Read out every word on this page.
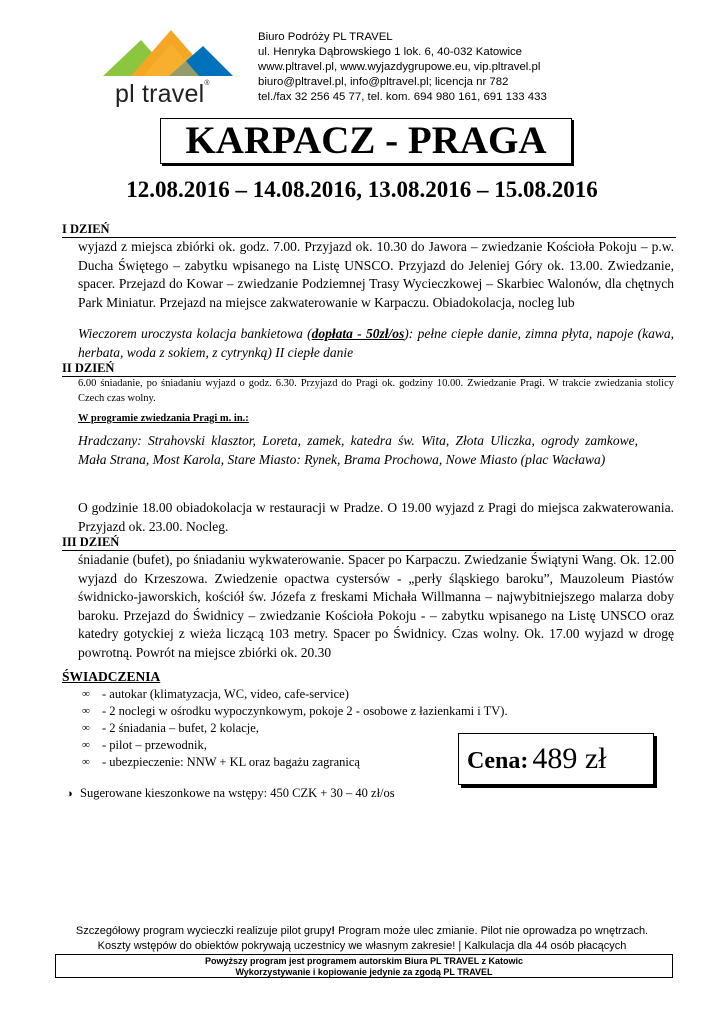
pl travel®
Biuro Podróży PL TRAVEL
ul. Henryka Dąbrowskiego 1 lok. 6, 40-032 Katowice
www.pltravel.pl, www.wyjazdygrupowe.eu, vip.pltravel.pl
biuro@pltravel.pl, info@pltravel.pl; licencja nr 782
tel./fax 32 256 45 77, tel. kom. 694 980 161, 691 133 433
KARPACZ - PRAGA
12.08.2016 – 14.08.2016, 13.08.2016 – 15.08.2016
I DZIEŃ
wyjazd z miejsca zbiórki ok. godz. 7.00. Przyjazd ok. 10.30 do Jawora – zwiedzanie Kościoła Pokoju – p.w. Ducha Świętego – zabytku wpisanego na Listę UNSCO. Przyjazd do Jeleniej Góry ok. 13.00. Zwiedzanie, spacer. Przejazd do Kowar – zwiedzanie Podziemnej Trasy Wycieczkowej – Skarbiec Walonów, dla chętnych Park Miniatur. Przejazd na miejsce zakwaterowanie w Karpaczu. Obiadokolacja, nocleg lub
Wieczorem uroczysta kolacja bankietowa (dopłata - 50zł/os): pełne ciepłe danie, zimna płyta, napoje (kawa, herbata, woda z sokiem, z cytrynką) II ciepłe danie
II DZIEŃ
6.00 śniadanie, po śniadaniu wyjazd o godz. 6.30. Przyjazd do Pragi ok. godziny 10.00. Zwiedzanie Pragi. W trakcie zwiedzania stolicy Czech czas wolny.
W programie zwiedzania Pragi m. in.:
Hradczany: Strahovski klasztor, Loreta, zamek, katedra św. Wita, Złota Uliczka, ogrody zamkowe, Mała Strana, Most Karola, Stare Miasto: Rynek, Brama Prochowa, Nowe Miasto (plac Wacława)
O godzinie 18.00 obiadokolacja w restauracji w Pradze. O 19.00 wyjazd z Pragi do miejsca zakwaterowania. Przyjazd ok. 23.00. Nocleg.
III DZIEŃ
śniadanie (bufet), po śniadaniu wykwaterowanie. Spacer po Karpaczu. Zwiedzanie Świątyni Wang. Ok. 12.00 wyjazd do Krzeszowa. Zwiedzenie opactwa cystersów - „perły śląskiego baroku”, Mauzoleum Piastów świdnicko-jaworskich, kościół św. Józefa z freskami Michała Willmanna – najwybitniejszego malarza doby baroku. Przejazd do Świdnicy – zwiedzanie Kościoła Pokoju - – zabytku wpisanego na Listę UNSCO oraz katedry gotyckiej z wieża liczącą 103 metry. Spacer po Świdnicy. Czas wolny. Ok. 17.00 wyjazd w drogę powrotną. Powrót na miejsce zbiórki ok. 20.30
ŚWIADCZENIA
∞ - autokar (klimatyzacja, WC, video, cafe-service)
∞ - 2 noclegi w ośrodku wypoczynkowym, pokoje 2 - osobowe z łazienkami i TV).
∞ - 2 śniadania – bufet, 2 kolacje,
∞ - pilot – przewodnik,
∞ - ubezpieczenie: NNW + KL oraz bagażu zagranicą	Cena: 489 zł
◑ Sugerowane kieszonkowe na wstępy: 450 CZK + 30 – 40 zł/os
Szczegółowy program wycieczki realizuje pilot grupy! Program może ulec zmianie. Pilot nie oprowadza po wnętrzach.
Koszty wstępów do obiektów pokrywają uczestnicy we własnym zakresie! | Kalkulacja dla 44 osób płacących
Powyższy program jest programem autorskim Biura PL TRAVEL z Katowic
Wykorzystywanie i kopiowanie jedynie za zgodą PL TRAVEL
